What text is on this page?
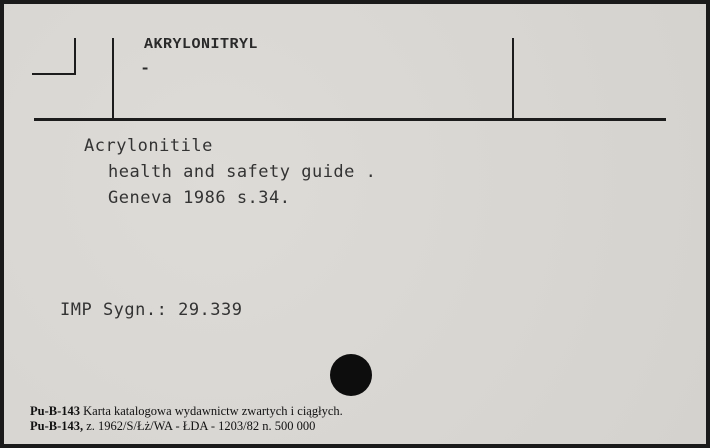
AKRYLONITRYL
-
Acrylonitile
health and safety guide .
Geneva 1986 s.34.
IMP Sygn.: 29.339
Pu-B-143 Karta katalogowa wydawnictw zwartych i ciągłych.
Pu-B-143, z. 1962/S/Łż/WA - ŁDA - 1203/82 n. 500 000
